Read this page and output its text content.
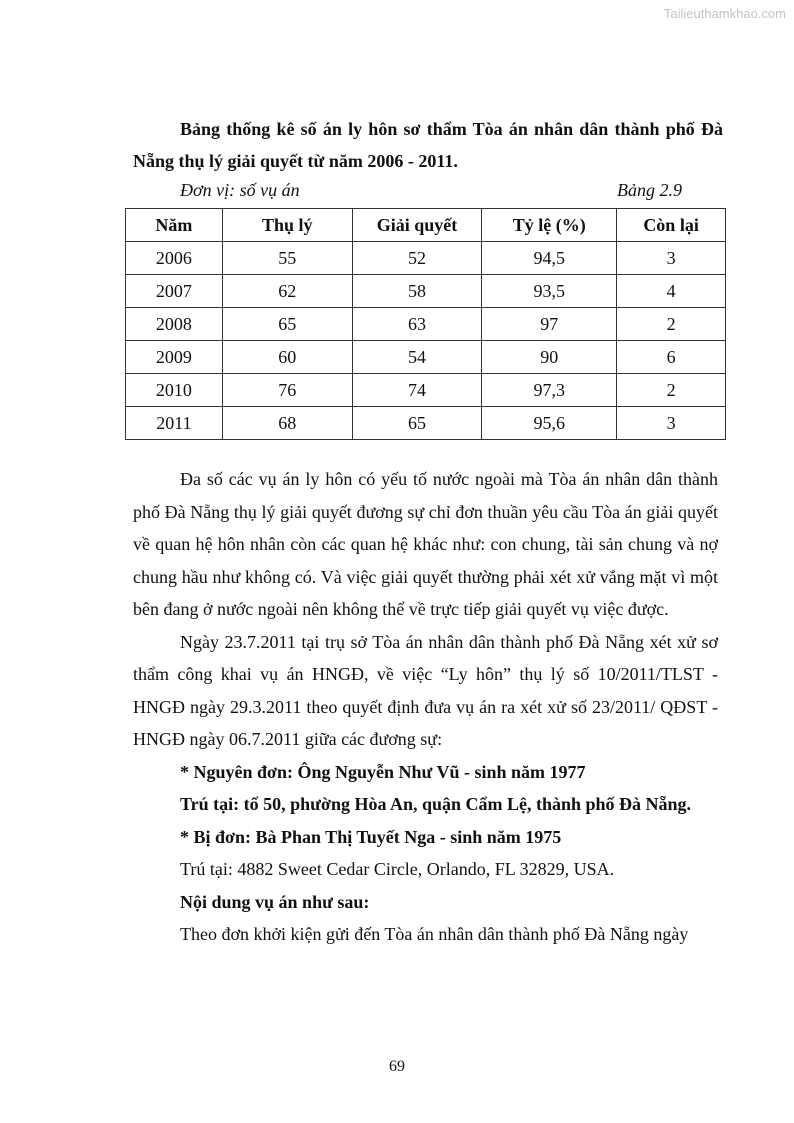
Tailieuthamkhao.com
Bảng thống kê số án ly hôn sơ thẩm Tòa án nhân dân thành phố Đà Nẵng thụ lý giải quyết từ năm 2006 - 2011.
Đơn vị: số vụ án	Bảng 2.9
Năm	Thụ lý	Giải quyết	Tỷ lệ (%)	Còn lại
2006	55	52	94,5	3
2007	62	58	93,5	4
2008	65	63	97	2
2009	60	54	90	6
2010	76	74	97,3	2
2011	68	65	95,6	3

Đa số các vụ án ly hôn có yếu tố nước ngoài mà Tòa án nhân dân thành phố Đà Nẵng thụ lý giải quyết đương sự chỉ đơn thuần yêu cầu Tòa án giải quyết về quan hệ hôn nhân còn các quan hệ khác như: con chung, tài sản chung và nợ chung hầu như không có. Và việc giải quyết thường phải xét xử vắng mặt vì một bên đang ở nước ngoài nên không thể về trực tiếp giải quyết vụ việc được.

Ngày 23.7.2011 tại trụ sở Tòa án nhân dân thành phố Đà Nẵng xét xử sơ thẩm công khai vụ án HNGĐ, về việc “Ly hôn” thụ lý số 10/2011/TLST - HNGĐ ngày 29.3.2011 theo quyết định đưa vụ án ra xét xử số 23/2011/ QĐST - HNGĐ ngày 06.7.2011 giữa các đương sự:

* Nguyên đơn: Ông Nguyễn Như Vũ - sinh năm 1977

Trú tại: tổ 50, phường Hòa An, quận Cẩm Lệ, thành phố Đà Nẵng.

* Bị đơn: Bà Phan Thị Tuyết Nga - sinh năm 1975

Trú tại: 4882 Sweet Cedar Circle, Orlando, FL 32829, USA.

Nội dung vụ án như sau:

Theo đơn khởi kiện gửi đến Tòa án nhân dân thành phố Đà Nẵng ngày

69
